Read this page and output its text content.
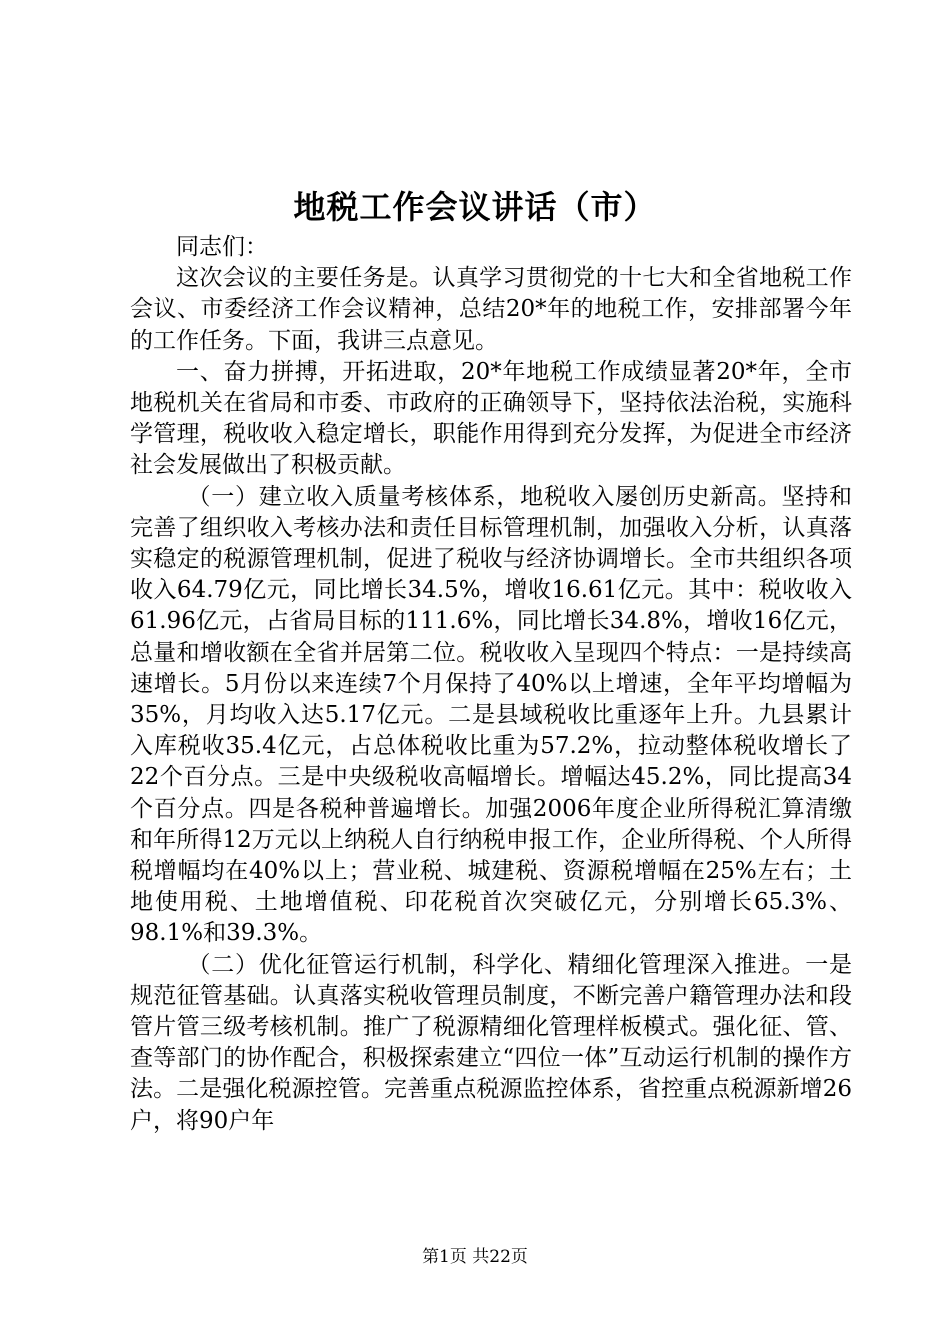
地税工作会议讲话（市）

同志们：

这次会议的主要任务是。认真学习贯彻党的十七大和全省地税工作会议、市委经济工作会议精神，总结20*年的地税工作，安排部署今年的工作任务。下面，我讲三点意见。

一、奋力拼搏，开拓进取，20*年地税工作成绩显著20*年，全市地税机关在省局和市委、市政府的正确领导下，坚持依法治税，实施科学管理，税收收入稳定增长，职能作用得到充分发挥，为促进全市经济社会发展做出了积极贡献。

（一）建立收入质量考核体系，地税收入屡创历史新高。坚持和完善了组织收入考核办法和责任目标管理机制，加强收入分析，认真落实稳定的税源管理机制，促进了税收与经济协调增长。全市共组织各项收入64.79亿元，同比增长34.5%，增收16.61亿元。其中：税收收入61.96亿元，占省局目标的111.6%，同比增长34.8%，增收16亿元，总量和增收额在全省并居第二位。税收收入呈现四个特点：一是持续高速增长。5月份以来连续7个月保持了40%以上增速，全年平均增幅为35%，月均收入达5.17亿元。二是县域税收比重逐年上升。九县累计入库税收35.4亿元，占总体税收比重为57.2%，拉动整体税收增长了22个百分点。三是中央级税收高幅增长。增幅达45.2%，同比提高34个百分点。四是各税种普遍增长。加强2006年度企业所得税汇算清缴和年所得12万元以上纳税人自行纳税申报工作，企业所得税、个人所得税增幅均在40%以上；营业税、城建税、资源税增幅在25%左右；土地使用税、土地增值税、印花税首次突破亿元，分别增长65.3%、98.1%和39.3%。

（二）优化征管运行机制，科学化、精细化管理深入推进。一是规范征管基础。认真落实税收管理员制度，不断完善户籍管理办法和段管片管三级考核机制。推广了税源精细化管理样板模式。强化征、管、查等部门的协作配合，积极探索建立“四位一体”互动运行机制的操作方法。二是强化税源控管。完善重点税源监控体系，省控重点税源新增26户，将90户年

第1页 共22页
